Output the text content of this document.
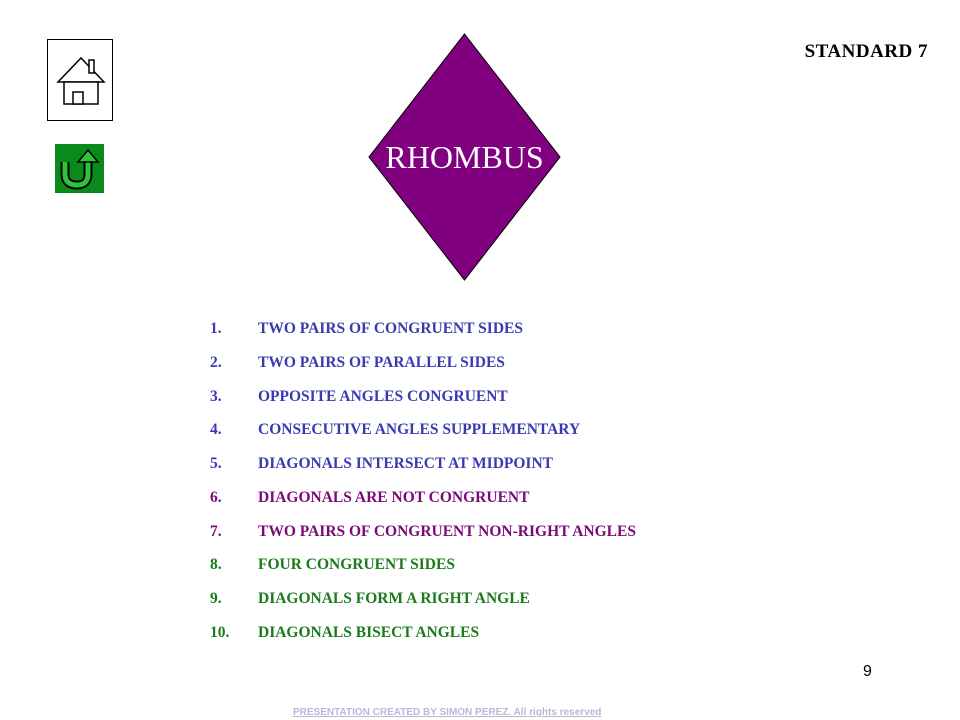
STANDARD 7
RHOMBUS
1.	TWO PAIRS OF CONGRUENT SIDES
2.	TWO PAIRS OF PARALLEL SIDES
3.	OPPOSITE ANGLES CONGRUENT
4.	CONSECUTIVE ANGLES SUPPLEMENTARY
5.	DIAGONALS INTERSECT AT MIDPOINT
6.	DIAGONALS ARE NOT CONGRUENT
7.	TWO PAIRS OF CONGRUENT NON-RIGHT ANGLES
8.	FOUR CONGRUENT SIDES
9.	DIAGONALS FORM A RIGHT ANGLE
10.	DIAGONALS BISECT ANGLES
9
PRESENTATION CREATED BY SIMON PEREZ. All rights reserved
